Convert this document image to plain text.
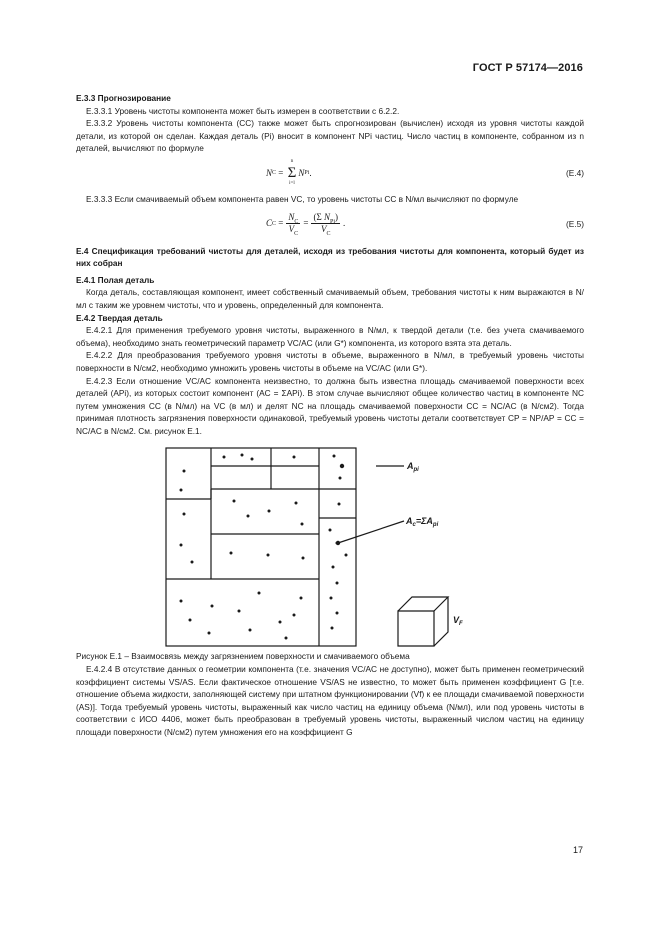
ГОСТ Р 57174—2016

Е.3.3 Прогнозирование

Е.3.3.1 Уровень чистоты компонента может быть измерен в соответствии с 6.2.2.

Е.3.3.2 Уровень чистоты компонента (CC) также может быть спрогнозирован (вычислен) исходя из уровня чистоты каждой детали, из которой он сделан. Каждая деталь (Pi) вносит в компонент NPi частиц. Число частиц в компоненте, собранном из n деталей, вычисляют по формуле

N C =
n
Σ
i=l
N Pi .	(Е.4)

Е.3.3.3 Если смачиваемый объем компонента равен VC, то уровень чистоты CC в N/мл вычисляют по формуле

C $C = \frac{N_C}{V_C} = \frac{(\Sigma N_{Pi})}{V_C}$ .	(Е.5)

Е.4 Спецификация требований чистоты для деталей, исходя из требования чистоты для компонента, который будет из них собран

Е.4.1 Полая деталь

Когда деталь, составляющая компонент, имеет собственный смачиваемый объем, требования чистоты к ним выражаются в N/мл с таким же уровнем чистоты, что и уровень, определенный для компонента.

Е.4.2 Твердая деталь

Е.4.2.1 Для применения требуемого уровня чистоты, выраженного в N/мл, к твердой детали (т.е. без учета смачиваемого объема), необходимо знать геометрический параметр VC/AC (или G*) компонента, из которого взята эта деталь.

Е.4.2.2 Для преобразования требуемого уровня чистоты в объеме, выраженного в N/мл, в требуемый уровень чистоты поверхности в N/см2, необходимо умножить уровень чистоты в объеме на VC/AC (или G*).

Е.4.2.3 Если отношение VC/AC компонента неизвестно, то должна быть известна площадь смачиваемой поверхности всех деталей (APi), из которых состоит компонент (AC = ΣAPi). В этом случае вычисляют общее количество частиц в компоненте NC путем умножения CC (в N/мл) на VC (в мл) и делят NC на площадь смачиваемой поверхности CC = NC/AC (в N/см2). Тогда принимая плотность загрязнения поверхности одинаковой, требуемый уровень чистоты детали соответствует CP = NP/AP = CC = NC/AC в N/см2. См. рисунок Е.1.

$A_{pi}$
$A_c=\Sigma A_{pi}$
$V_F$

Рисунок Е.1 – Взаимосвязь между загрязнением поверхности и смачиваемого объема

Е.4.2.4 В отсутствие данных о геометрии компонента (т.е. значения VC/AC не доступно), может быть применен геометрический коэффициент системы VS/AS. Если фактическое отношение VS/AS не известно, то может быть применен коэффициент G [т.е. отношение объема жидкости, заполняющей систему при штатном функционировании (Vf) к ее площади смачиваемой поверхности (AS)]. Тогда требуемый уровень чистоты, выраженный как число частиц на единицу объема (N/мл), или под уровень чистоты в соответствии с ИСО 4406, может быть преобразован в требуемый уровень чистоты, выраженный числом частиц на единицу площади поверхности (N/см2) путем умножения его на коэффициент G

17
